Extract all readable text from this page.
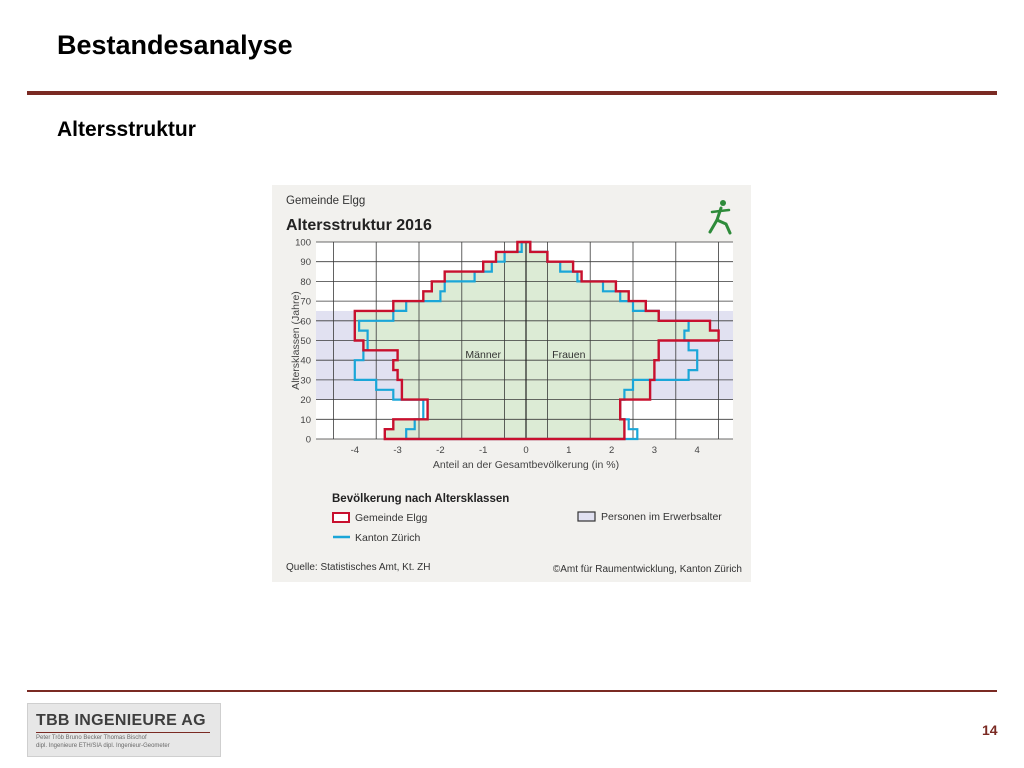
Bestandesanalyse
Altersstruktur
Gemeinde Elgg
Altersstruktur 2016
0
10
20
30
40
50
60
70
80
90
100
-4	-3	-2	-1	0	1	2	3	4
Männer	Frauen
Anteil an der Gesamtbevölkerung (in %)
Altersklassen (Jahre)
Bevölkerung nach Altersklassen
Gemeinde Elgg
Kanton Zürich
Personen im Erwerbsalter
Quelle: Statistisches Amt, Kt. ZH	©Amt für Raumentwicklung, Kanton Zürich
TBB INGENIEURE AG
Peter Tröb Bruno Becker Thomas Bischof
dipl. Ingenieure ETH/SIA dipl. Ingenieur-Geometer
14
